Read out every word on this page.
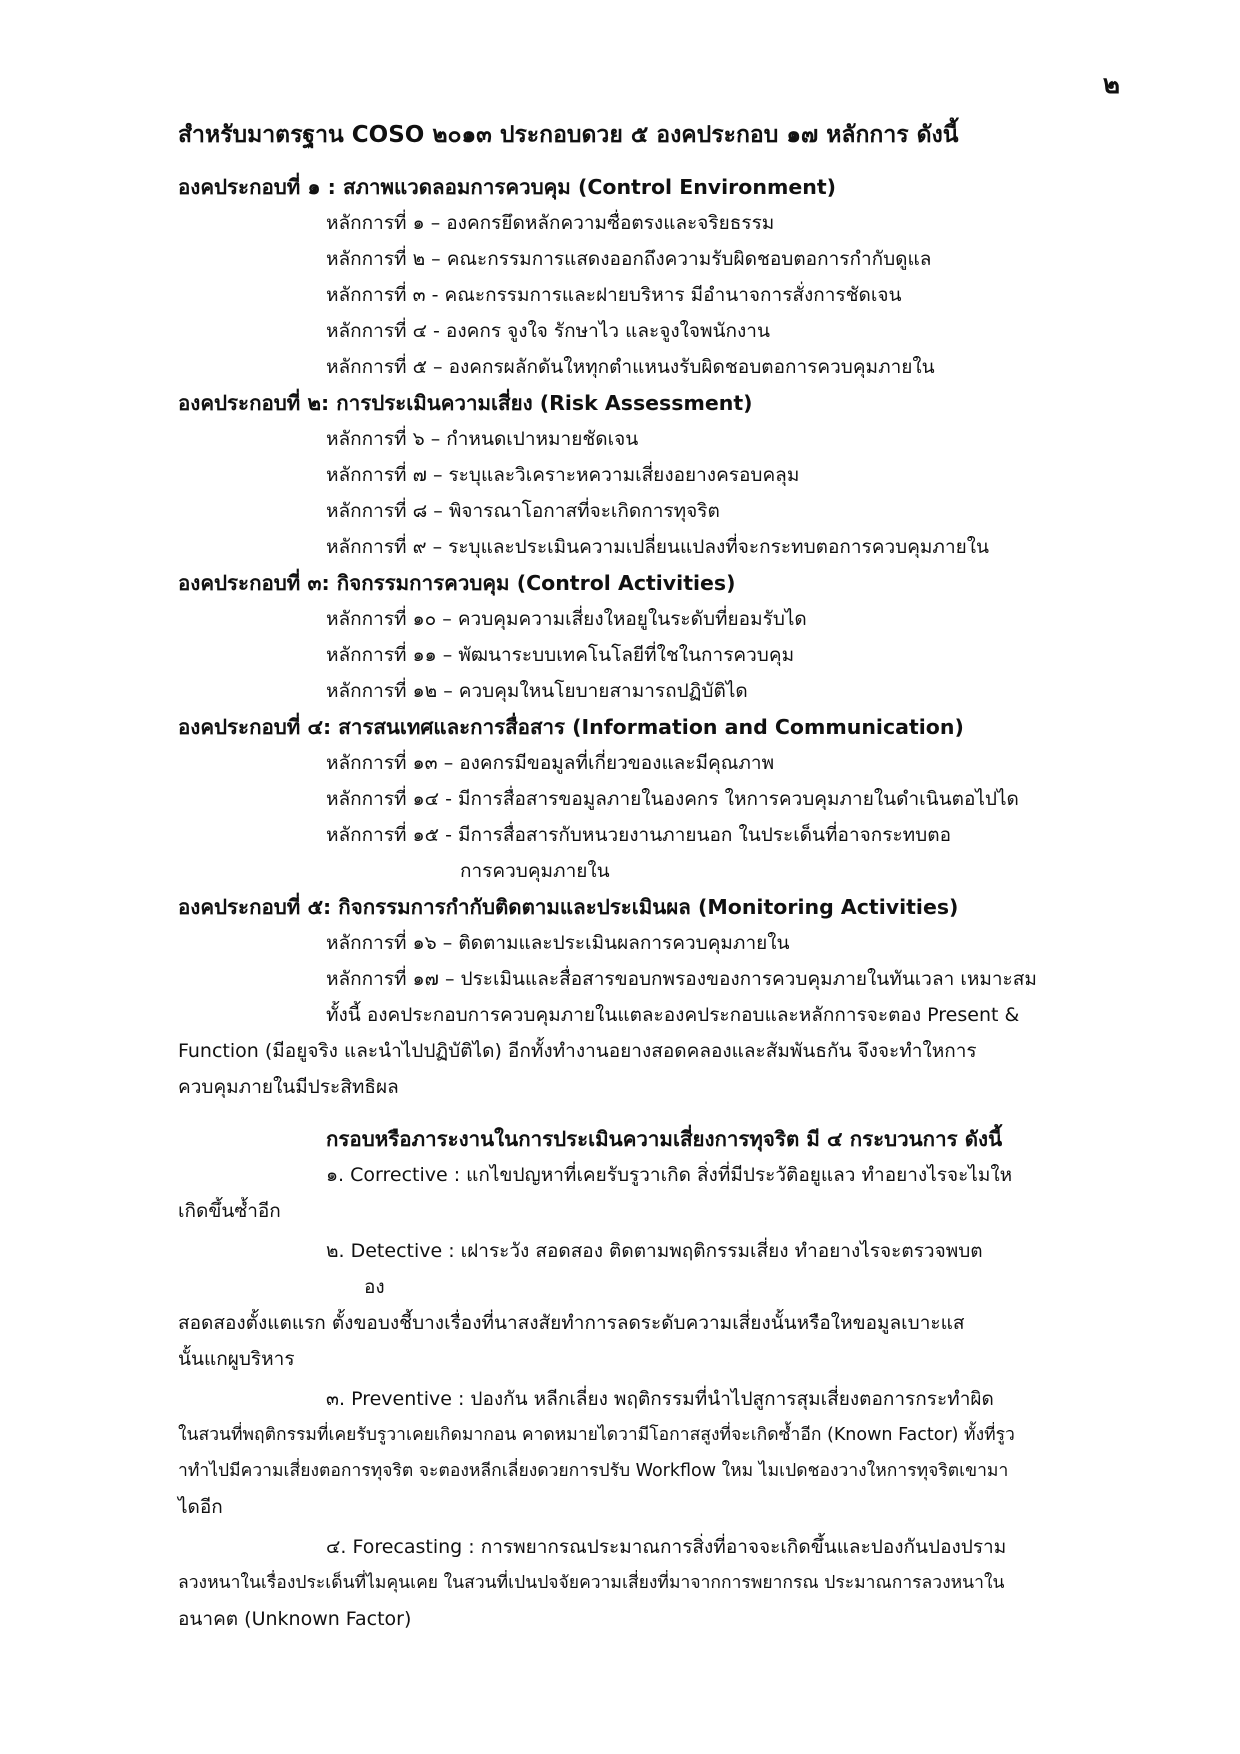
๒
สำหรับมาตรฐาน COSO ๒๐๑๓ ประกอบดวย ๕ องคประกอบ ๑๗ หลักการ ดังนี้
องคประกอบที่ ๑ : สภาพแวดลอมการควบคุม (Control Environment)
หลักการที่ ๑ – องคกรยึดหลักความซื่อตรงและจริยธรรม
หลักการที่ ๒ – คณะกรรมการแสดงออกถึงความรับผิดชอบตอการกำกับดูแล
หลักการที่ ๓ - คณะกรรมการและฝายบริหาร มีอำนาจการสั่งการชัดเจน
หลักการที่ ๔ - องคกร จูงใจ รักษาไว และจูงใจพนักงาน
หลักการที่ ๕ – องคกรผลักดันใหทุกตำแหนงรับผิดชอบตอการควบคุมภายใน
องคประกอบที่ ๒: การประเมินความเสี่ยง (Risk Assessment)
หลักการที่ ๖ – กำหนดเปาหมายชัดเจน
หลักการที่ ๗ – ระบุและวิเคราะหความเสี่ยงอยางครอบคลุม
หลักการที่ ๘ – พิจารณาโอกาสที่จะเกิดการทุจริต
หลักการที่ ๙ – ระบุและประเมินความเปลี่ยนแปลงที่จะกระทบตอการควบคุมภายใน
องคประกอบที่ ๓: กิจกรรมการควบคุม (Control Activities)
หลักการที่ ๑๐ – ควบคุมความเสี่ยงใหอยูในระดับที่ยอมรับได
หลักการที่ ๑๑ – พัฒนาระบบเทคโนโลยีที่ใชในการควบคุม
หลักการที่ ๑๒ – ควบคุมใหนโยบายสามารถปฏิบัติได
องคประกอบที่ ๔: สารสนเทศและการสื่อสาร (Information and Communication)
หลักการที่ ๑๓ – องคกรมีขอมูลที่เกี่ยวของและมีคุณภาพ
หลักการที่ ๑๔ - มีการสื่อสารขอมูลภายในองคกร ใหการควบคุมภายในดำเนินตอไปได
หลักการที่ ๑๕ - มีการสื่อสารกับหนวยงานภายนอก ในประเด็นที่อาจกระทบตอ
การควบคุมภายใน
องคประกอบที่ ๕: กิจกรรมการกำกับติดตามและประเมินผล (Monitoring Activities)
หลักการที่ ๑๖ – ติดตามและประเมินผลการควบคุมภายใน
หลักการที่ ๑๗ – ประเมินและสื่อสารขอบกพรองของการควบคุมภายในทันเวลา เหมาะสม
ทั้งนี้ องคประกอบการควบคุมภายในแตละองคประกอบและหลักการจะตอง Present &
Function (มีอยูจริง และนำไปปฏิบัติได) อีกทั้งทำงานอยางสอดคลองและสัมพันธกัน จึงจะทำใหการ
ควบคุมภายในมีประสิทธิผล
กรอบหรือภาระงานในการประเมินความเสี่ยงการทุจริต มี ๔ กระบวนการ ดังนี้
๑. Corrective : แกไขปญหาที่เคยรับรูวาเกิด สิ่งที่มีประวัติอยูแลว ทำอยางไรจะไมให
เกิดขึ้นซ้ำอีก
๒. Detective : เฝาระวัง สอดสอง ติดตามพฤติกรรมเสี่ยง ทำอยางไรจะตรวจพบต
อง
สอดสองตั้งแตแรก ตั้งขอบงชี้บางเรื่องที่นาสงสัยทำการลดระดับความเสี่ยงนั้นหรือใหขอมูลเบาะแส
นั้นแกผูบริหาร
๓. Preventive : ปองกัน หลีกเลี่ยง พฤติกรรมที่นำไปสูการสุมเสี่ยงตอการกระทำผิด
ในสวนที่พฤติกรรมที่เคยรับรูวาเคยเกิดมากอน คาดหมายไดวามีโอกาสสูงที่จะเกิดซ้ำอีก (Known Factor) ทั้งที่รูว
าทำไปมีความเสี่ยงตอการทุจริต จะตองหลีกเลี่ยงดวยการปรับ Workflow ใหม ไมเปดชองวางใหการทุจริตเขามา
ไดอีก
๔. Forecasting : การพยากรณประมาณการสิ่งที่อาจจะเกิดขึ้นและปองกันปองปราม
ลวงหนาในเรื่องประเด็นที่ไมคุนเคย ในสวนที่เปนปจจัยความเสี่ยงที่มาจากการพยากรณ ประมาณการลวงหนาใน
อนาคต (Unknown Factor)
